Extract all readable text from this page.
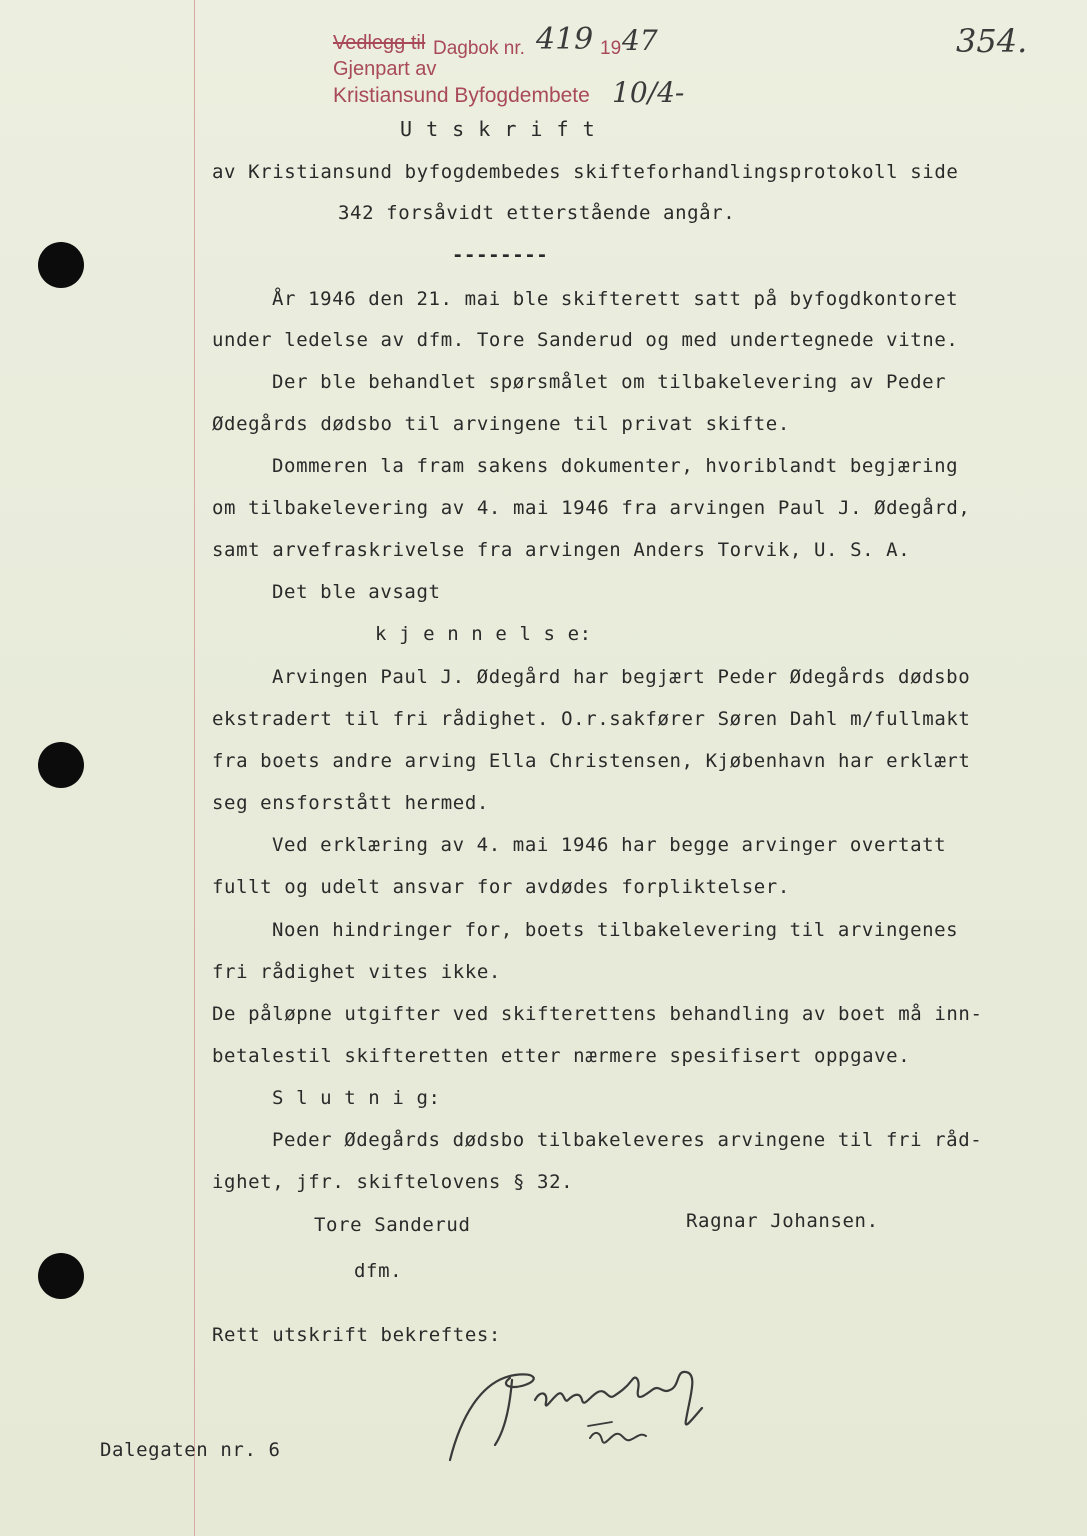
Vedlegg til Dagbok nr. 419 19 47
Gjenpart av
Kristiansund Byfogdembete 10/4-
354.
U t s k r i f t
av Kristiansund byfogdembedes skifteforhandlingsprotokoll side
342 forsåvidt etterstående angår.
--------
År 1946 den 21. mai ble skifterett satt på byfogdkontoret
under ledelse av dfm. Tore Sanderud og med undertegnede vitne.
Der ble behandlet spørsmålet om tilbakelevering av Peder
Ødegårds dødsbo til arvingene til privat skifte.
Dommeren la fram sakens dokumenter, hvoriblandt begjæring
om tilbakelevering av 4. mai 1946 fra arvingen Paul J. Ødegård,
samt arvefraskrivelse fra arvingen Anders Torvik, U. S. A.
Det ble avsagt
k j e n n e l s e:
Arvingen Paul J. Ødegård har begjært Peder Ødegårds dødsbo
ekstradert til fri rådighet. O.r.sakfører Søren Dahl m/fullmakt
fra boets andre arving Ella Christensen, Kjøbenhavn har erklært
seg ensforstått hermed.
Ved erklæring av 4. mai 1946 har begge arvinger overtatt
fullt og udelt ansvar for avdødes forpliktelser.
Noen hindringer for, boets tilbakelevering til arvingenes
fri rådighet vites ikke.
De påløpne utgifter ved skifterettens behandling av boet må inn-
betalestil skifteretten etter nærmere spesifisert oppgave.
S l u t n i g:
Peder Ødegårds dødsbo tilbakeleveres arvingene til fri råd-
ighet, jfr. skiftelovens § 32.
Tore Sanderud	Ragnar Johansen.
dfm.
Rett utskrift bekreftes:
Dalegaten nr. 6
